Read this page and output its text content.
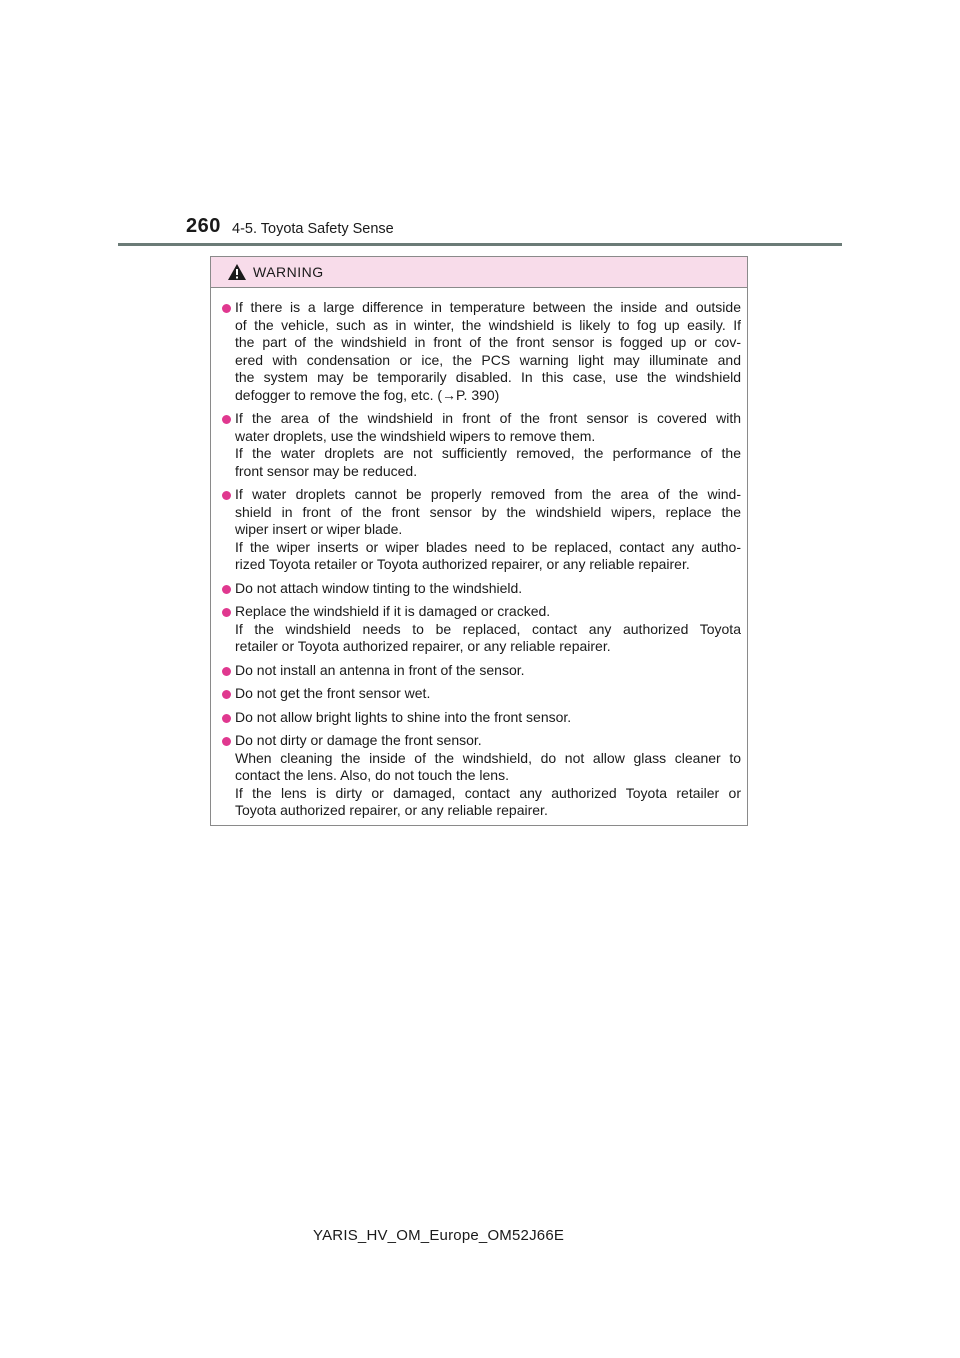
260 4-5. Toyota Safety Sense
WARNING
If there is a large difference in temperature between the inside and outside
of the vehicle, such as in winter, the windshield is likely to fog up easily. If
the part of the windshield in front of the front sensor is fogged up or cov-
ered with condensation or ice, the PCS warning light may illuminate and
the system may be temporarily disabled. In this case, use the windshield
defogger to remove the fog, etc. (→P. 390)
If the area of the windshield in front of the front sensor is covered with
water droplets, use the windshield wipers to remove them.
If the water droplets are not sufficiently removed, the performance of the
front sensor may be reduced.
If water droplets cannot be properly removed from the area of the wind-
shield in front of the front sensor by the windshield wipers, replace the
wiper insert or wiper blade.
If the wiper inserts or wiper blades need to be replaced, contact any autho-
rized Toyota retailer or Toyota authorized repairer, or any reliable repairer.
Do not attach window tinting to the windshield.
Replace the windshield if it is damaged or cracked.
If the windshield needs to be replaced, contact any authorized Toyota
retailer or Toyota authorized repairer, or any reliable repairer.
Do not install an antenna in front of the sensor.
Do not get the front sensor wet.
Do not allow bright lights to shine into the front sensor.
Do not dirty or damage the front sensor.
When cleaning the inside of the windshield, do not allow glass cleaner to
contact the lens. Also, do not touch the lens.
If the lens is dirty or damaged, contact any authorized Toyota retailer or
Toyota authorized repairer, or any reliable repairer.
YARIS_HV_OM_Europe_OM52J66E
